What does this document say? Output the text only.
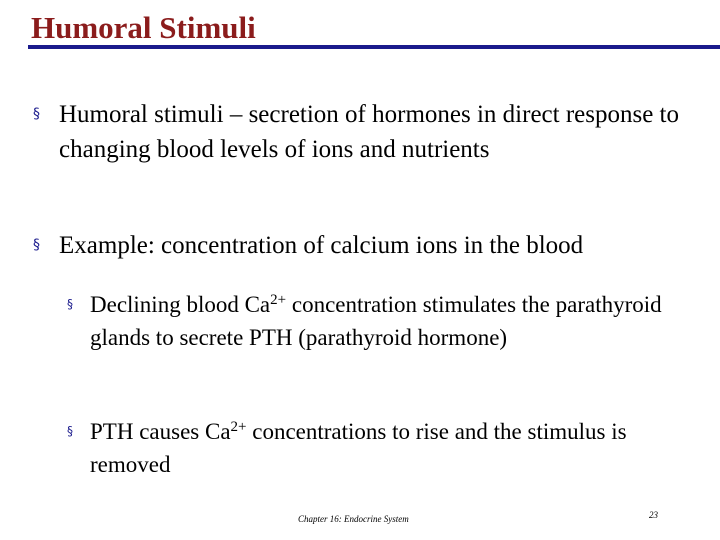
Humoral Stimuli
§ Humoral stimuli – secretion of hormones in direct response to changing blood levels of ions and nutrients
§ Example: concentration of calcium ions in the blood
§ Declining blood $Ca^{2+}$ concentration stimulates the parathyroid glands to secrete PTH (parathyroid hormone)
§ PTH causes $Ca^{2+}$ concentrations to rise and the stimulus is removed
Chapter 16: Endocrine System	23
